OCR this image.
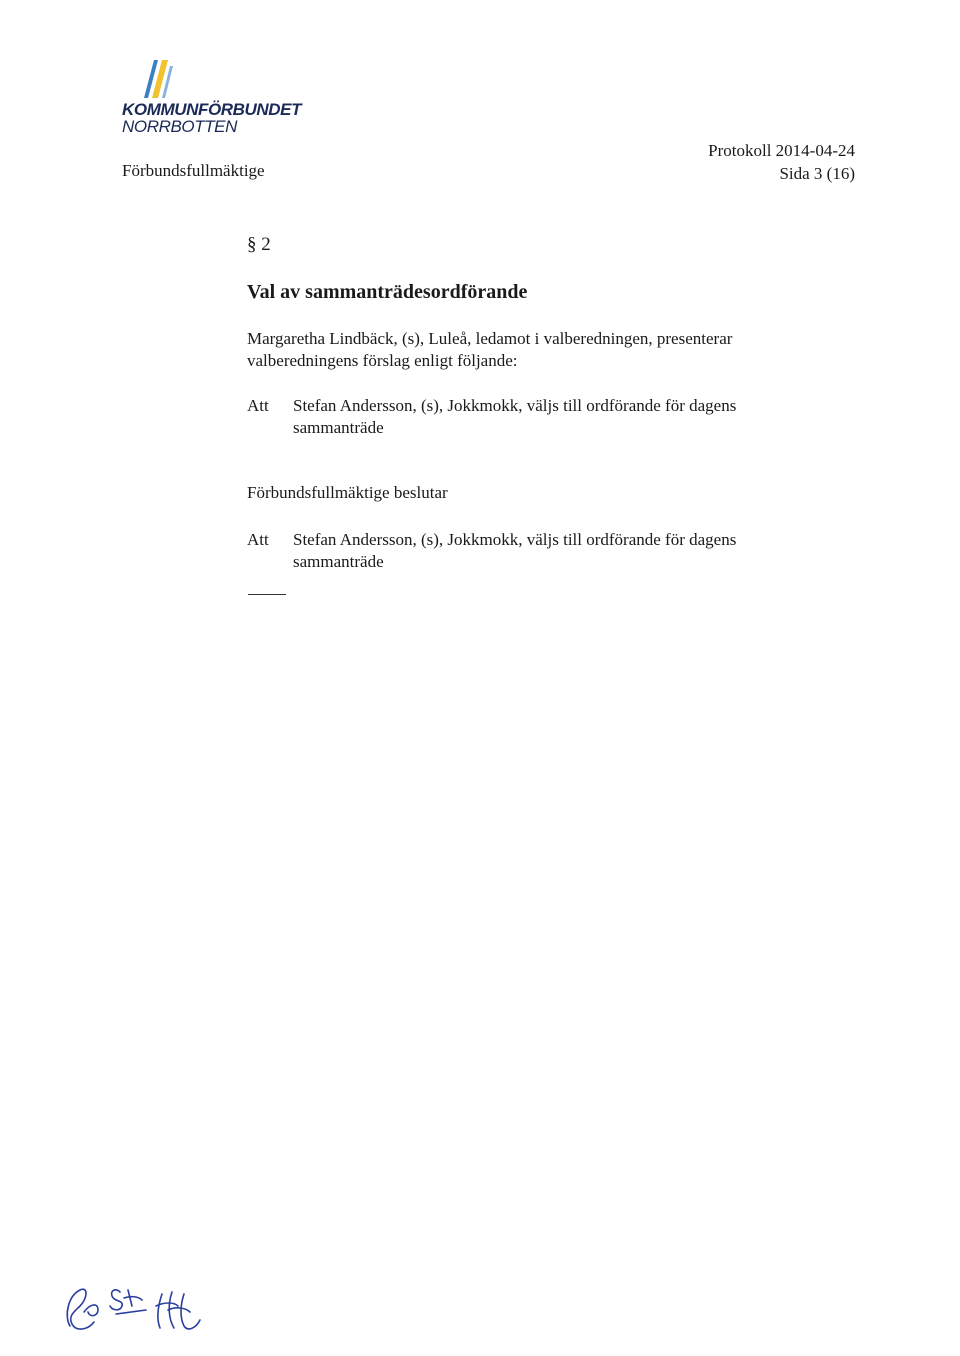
KOMMUNFÖRBUNDET
NORRBOTTEN
Förbundsfullmäktige
Protokoll 2014-04-24
Sida 3 (16)
§ 2
Val av sammanträdesordförande
Margaretha Lindbäck, (s), Luleå, ledamot i valberedningen, presenterar
valberedningens förslag enligt följande:
Att Stefan Andersson, (s), Jokkmokk, väljs till ordförande för dagens
sammanträde
Förbundsfullmäktige beslutar
Att Stefan Andersson, (s), Jokkmokk, väljs till ordförande för dagens
sammanträde
